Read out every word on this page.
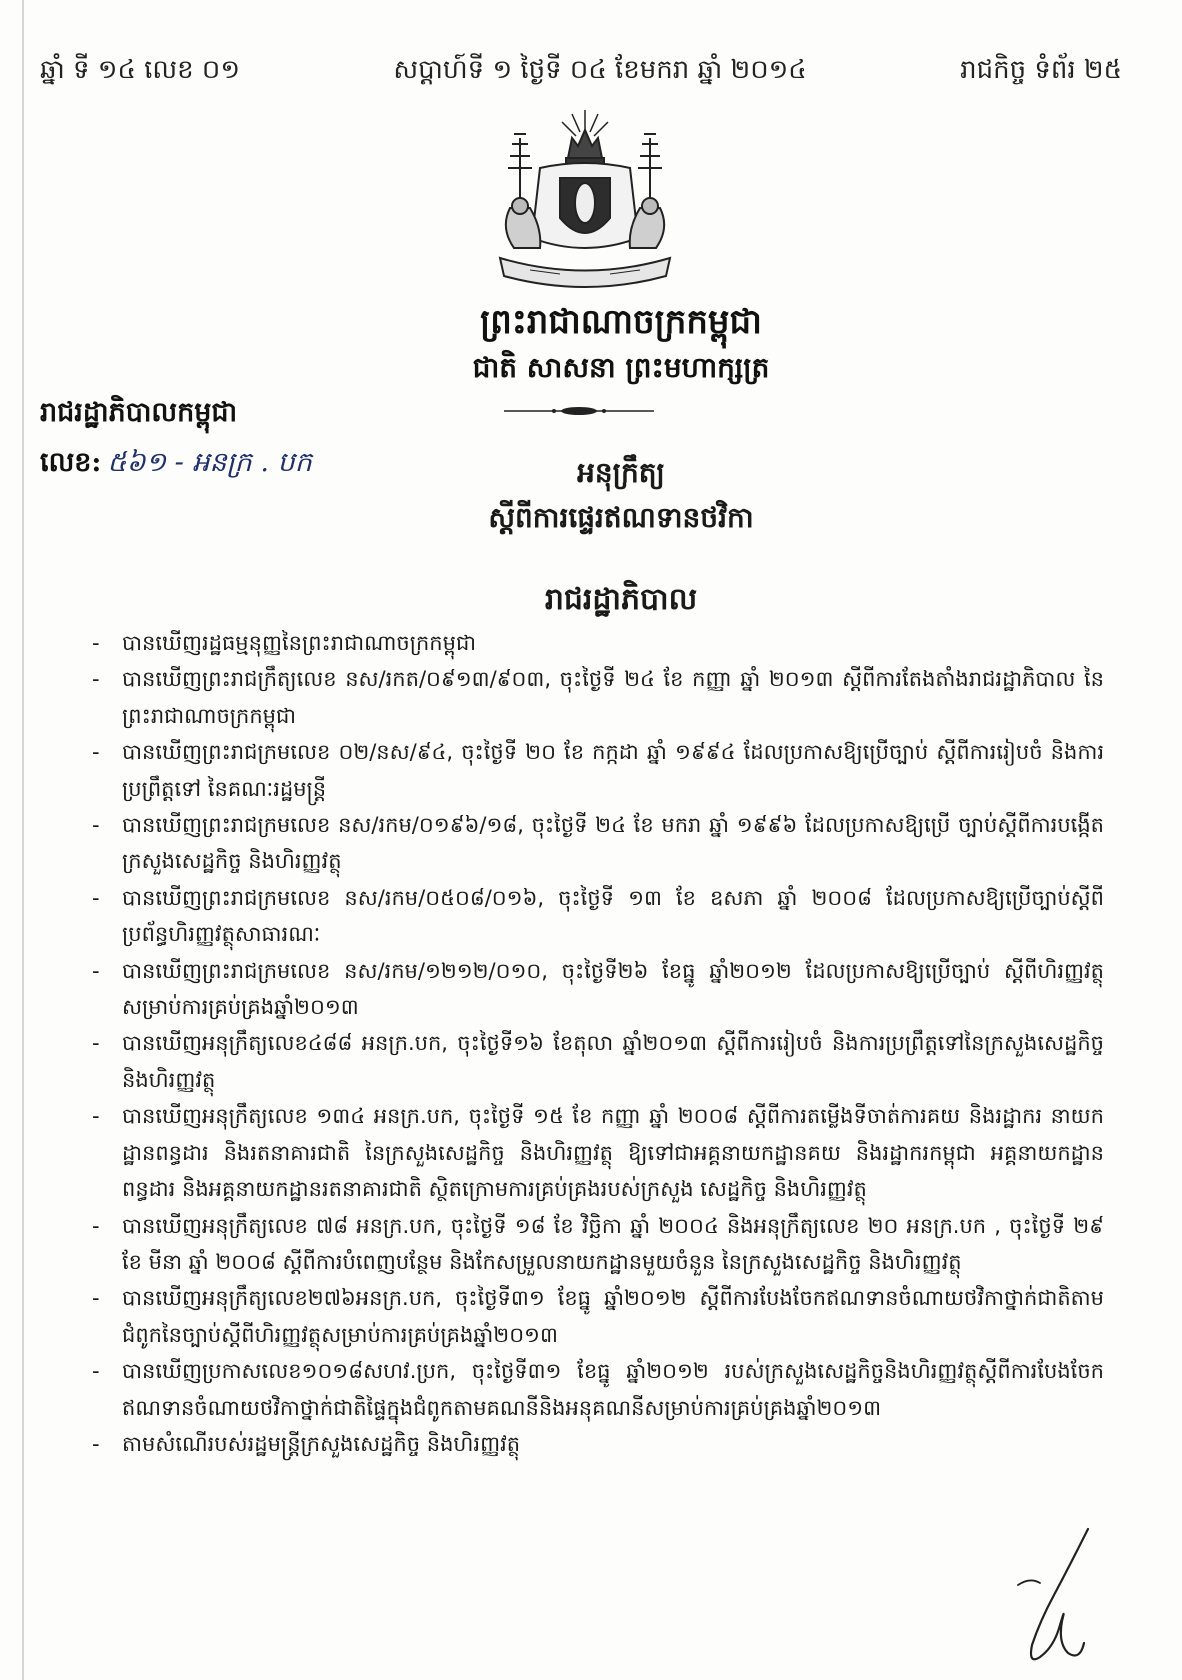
ឆ្នាំ ទី ១៤ លេខ ០១	សប្តាហ៍ទី ១ ថ្ងៃទី ០៤ ខែមករា ឆ្នាំ ២០១៤	រាជកិច្ច ទំព័រ ២៥
ព្រះរាជាណាចក្រកម្ពុជា
ជាតិ សាសនា ព្រះមហាក្សត្រ
រាជរដ្ឋាភិបាលកម្ពុជា
លេខ: ៥៦១ - អនក្រ . បក	អនុក្រឹត្យ
ស្តីពីការផ្ទេរឥណទានថវិកា
រាជរដ្ឋាភិបាល
- បានឃើញរដ្ឋធម្មនុញ្ញនៃព្រះរាជាណាចក្រកម្ពុជា
- បានឃើញព្រះរាជក្រឹត្យលេខ នស/រកត/០៩១៣/៩០៣, ចុះថ្ងៃទី ២៤ ខែ កញ្ញា ឆ្នាំ ២០១៣ ស្តីពីការតែងតាំងរាជរដ្ឋាភិបាល នៃព្រះរាជាណាចក្រកម្ពុជា
- បានឃើញព្រះរាជក្រមលេខ ០២/នស/៩៤, ចុះថ្ងៃទី ២០ ខែ កក្កដា ឆ្នាំ ១៩៩៤ ដែលប្រកាសឱ្យប្រើច្បាប់ ស្តីពីការរៀបចំ និងការប្រព្រឹត្តទៅ នៃគណៈរដ្ឋមន្ត្រី
- បានឃើញព្រះរាជក្រមលេខ នស/រកម/០១៩៦/១៨, ចុះថ្ងៃទី ២៤ ខែ មករា ឆ្នាំ ១៩៩៦ ដែលប្រកាសឱ្យប្រើ ច្បាប់ស្តីពីការបង្កើតក្រសួងសេដ្ឋកិច្ច និងហិរញ្ញវត្ថុ
- បានឃើញព្រះរាជក្រមលេខ នស/រកម/០៥០៨/០១៦, ចុះថ្ងៃទី ១៣ ខែ ឧសភា ឆ្នាំ ២០០៨ ដែលប្រកាសឱ្យប្រើច្បាប់ស្តីពីប្រព័ន្ធហិរញ្ញវត្ថុសាធារណៈ
- បានឃើញព្រះរាជក្រមលេខ នស/រកម/១២១២/០១០, ចុះថ្ងៃទី២៦ ខែធ្នូ ឆ្នាំ២០១២ ដែលប្រកាសឱ្យប្រើច្បាប់ ស្តីពីហិរញ្ញវត្ថុសម្រាប់ការគ្រប់គ្រងឆ្នាំ២០១៣
- បានឃើញអនុក្រឹត្យលេខ៤៨៨ អនក្រ.បក, ចុះថ្ងៃទី១៦ ខែតុលា ឆ្នាំ២០១៣ ស្តីពីការរៀបចំ និងការប្រព្រឹត្តទៅនៃក្រសួងសេដ្ឋកិច្ច និងហិរញ្ញវត្ថុ
- បានឃើញអនុក្រឹត្យលេខ ១៣៤ អនក្រ.បក, ចុះថ្ងៃទី ១៥ ខែ កញ្ញា ឆ្នាំ ២០០៨ ស្តីពីការតម្លើងទីចាត់ការគយ និងរដ្ឋាករ នាយកដ្ឋានពន្ធដារ និងរតនាគារជាតិ នៃក្រសួងសេដ្ឋកិច្ច និងហិរញ្ញវត្ថុ ឱ្យទៅជាអគ្គនាយកដ្ឋានគយ និងរដ្ឋាករកម្ពុជា អគ្គនាយកដ្ឋានពន្ធដារ និងអគ្គនាយកដ្ឋានរតនាគារជាតិ ស្ថិតក្រោមការគ្រប់គ្រងរបស់ក្រសួង សេដ្ឋកិច្ច និងហិរញ្ញវត្ថុ
- បានឃើញអនុក្រឹត្យលេខ ៧៨ អនក្រ.បក, ចុះថ្ងៃទី ១៨ ខែ វិច្ឆិកា ឆ្នាំ ២០០៤ និងអនុក្រឹត្យលេខ ២០ អនក្រ.បក , ចុះថ្ងៃទី ២៩ ខែ មីនា ឆ្នាំ ២០០៨ ស្តីពីការបំពេញបន្ថែម និងកែសម្រួលនាយកដ្ឋានមួយចំនួន នៃក្រសួងសេដ្ឋកិច្ច និងហិរញ្ញវត្ថុ
- បានឃើញអនុក្រឹត្យលេខ២៧៦អនក្រ.បក, ចុះថ្ងៃទី៣១ ខែធ្នូ ឆ្នាំ២០១២ ស្តីពីការបែងចែកឥណទានចំណាយថវិកាថ្នាក់ជាតិតាមជំពូកនៃច្បាប់ស្តីពីហិរញ្ញវត្ថុសម្រាប់ការគ្រប់គ្រងឆ្នាំ២០១៣
- បានឃើញប្រកាសលេខ១០១៨សហវ.ប្រក, ចុះថ្ងៃទី៣១ ខែធ្នូ ឆ្នាំ២០១២ របស់ក្រសួងសេដ្ឋកិច្ចនិងហិរញ្ញវត្ថុស្តីពីការបែងចែកឥណទានចំណាយថវិកាថ្នាក់ជាតិផ្ទៃក្នុងជំពូកតាមគណនីនិងអនុគណនីសម្រាប់ការគ្រប់គ្រងឆ្នាំ២០១៣
- តាមសំណើរបស់រដ្ឋមន្ត្រីក្រសួងសេដ្ឋកិច្ច និងហិរញ្ញវត្ថុ
